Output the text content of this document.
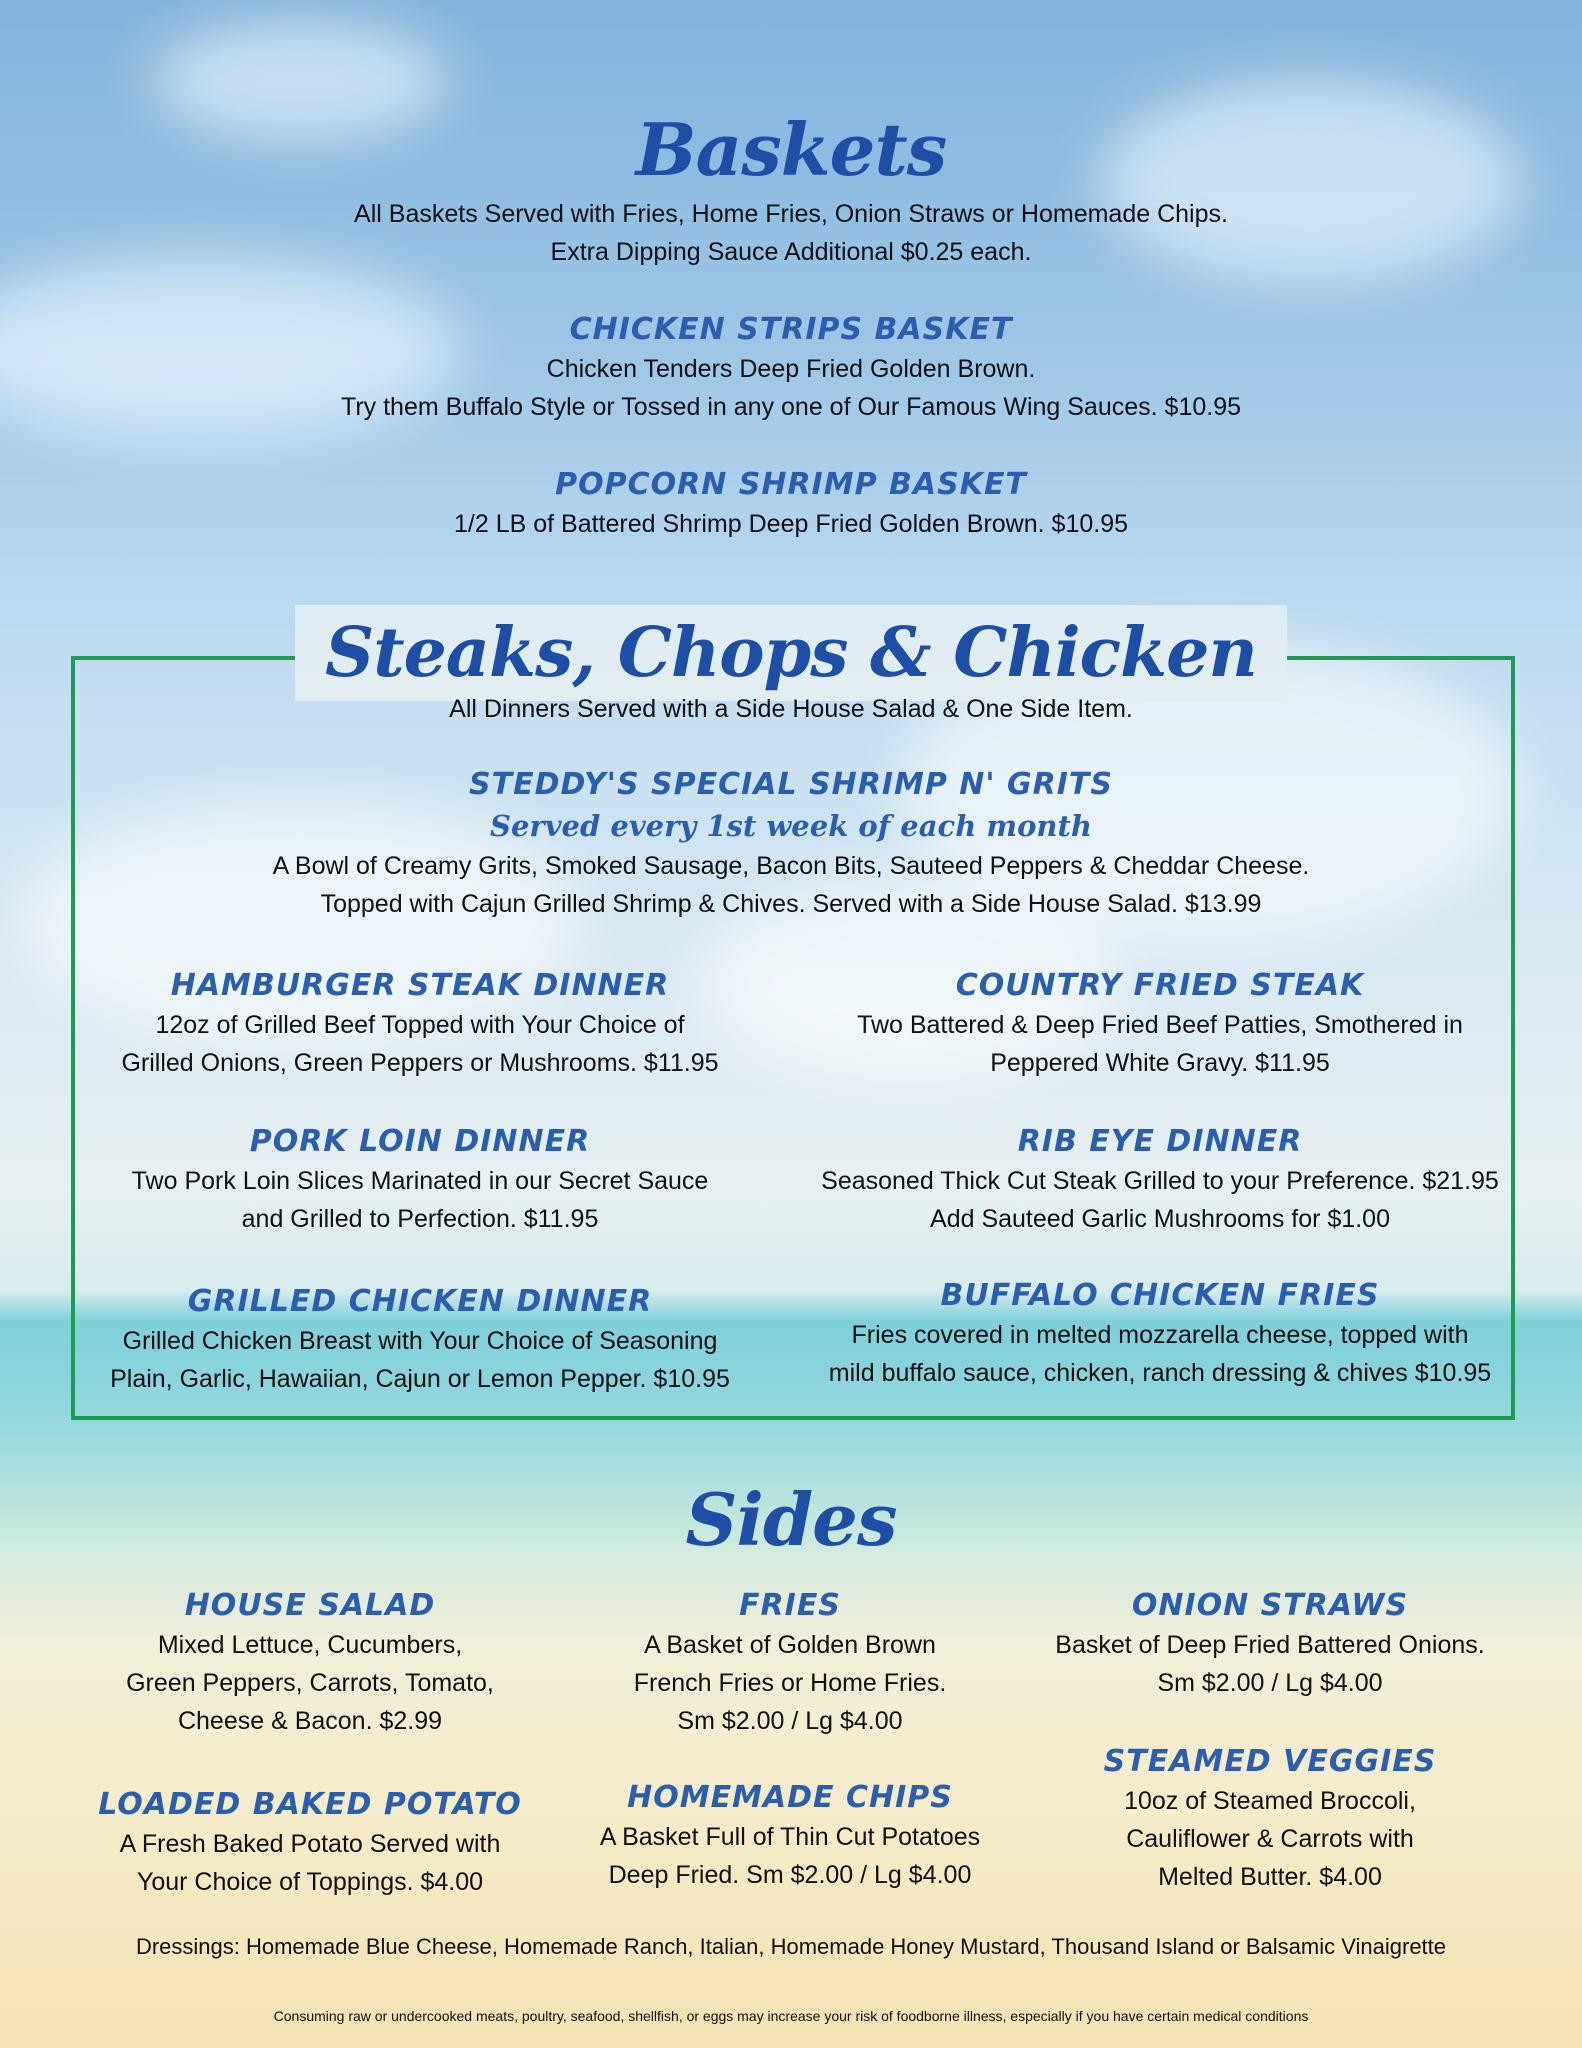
Baskets

All Baskets Served with Fries, Home Fries, Onion Straws or Homemade Chips.

Extra Dipping Sauce Additional $0.25 each.

CHICKEN STRIPS BASKET

Chicken Tenders Deep Fried Golden Brown.

Try them Buffalo Style or Tossed in any one of Our Famous Wing Sauces. $10.95

POPCORN SHRIMP BASKET

1/2 LB of Battered Shrimp Deep Fried Golden Brown. $10.95

Steaks, Chops & Chicken

All Dinners Served with a Side House Salad & One Side Item.

STEDDY'S SPECIAL SHRIMP N' GRITS

Served every 1st week of each month

A Bowl of Creamy Grits, Smoked Sausage, Bacon Bits, Sauteed Peppers & Cheddar Cheese.

Topped with Cajun Grilled Shrimp & Chives. Served with a Side House Salad. $13.99

HAMBURGER STEAK DINNER

12oz of Grilled Beef Topped with Your Choice of

Grilled Onions, Green Peppers or Mushrooms. $11.95

COUNTRY FRIED STEAK

Two Battered & Deep Fried Beef Patties, Smothered in

Peppered White Gravy. $11.95

PORK LOIN DINNER

Two Pork Loin Slices Marinated in our Secret Sauce

and Grilled to Perfection. $11.95

RIB EYE DINNER

Seasoned Thick Cut Steak Grilled to your Preference. $21.95

Add Sauteed Garlic Mushrooms for $1.00

GRILLED CHICKEN DINNER

Grilled Chicken Breast with Your Choice of Seasoning

Plain, Garlic, Hawaiian, Cajun or Lemon Pepper. $10.95

BUFFALO CHICKEN FRIES

Fries covered in melted mozzarella cheese, topped with

mild buffalo sauce, chicken, ranch dressing & chives $10.95

Sides

HOUSE SALAD

Mixed Lettuce, Cucumbers,

Green Peppers, Carrots, Tomato,

Cheese & Bacon. $2.99

FRIES

A Basket of Golden Brown

French Fries or Home Fries.

Sm $2.00 / Lg $4.00

ONION STRAWS

Basket of Deep Fried Battered Onions.

Sm $2.00 / Lg $4.00

LOADED BAKED POTATO

A Fresh Baked Potato Served with

Your Choice of Toppings. $4.00

HOMEMADE CHIPS

A Basket Full of Thin Cut Potatoes

Deep Fried. Sm $2.00 / Lg $4.00

STEAMED VEGGIES

10oz of Steamed Broccoli,

Cauliflower & Carrots with

Melted Butter. $4.00

Dressings: Homemade Blue Cheese, Homemade Ranch, Italian, Homemade Honey Mustard, Thousand Island or Balsamic Vinaigrette

Consuming raw or undercooked meats, poultry, seafood, shellfish, or eggs may increase your risk of foodborne illness, especially if you have certain medical conditions
